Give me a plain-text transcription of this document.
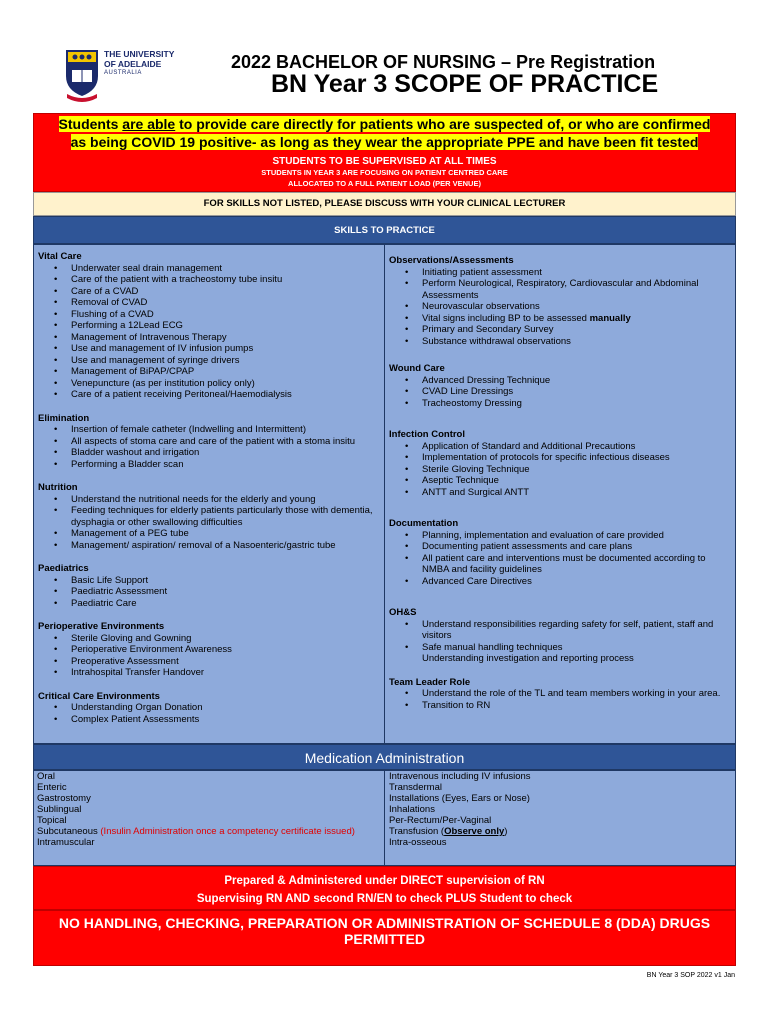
THE UNIVERSITY
OF ADELAIDE
AUSTRALIA
2022 BACHELOR OF NURSING – Pre Registration
BN Year 3 SCOPE OF PRACTICE
Students are able to provide care directly for patients who are suspected of, or who are confirmed
as being COVID 19 positive- as long as they wear the appropriate PPE and have been fit tested
STUDENTS TO BE SUPERVISED AT ALL TIMES
STUDENTS IN YEAR 3 ARE FOCUSING ON PATIENT CENTRED CARE
ALLOCATED TO A FULL PATIENT LOAD (PER VENUE)
FOR SKILLS NOT LISTED, PLEASE DISCUSS WITH YOUR CLINICAL LECTURER
SKILLS TO PRACTICE
Vital Care
• Underwater seal drain management
• Care of the patient with a tracheostomy tube insitu
• Care of a CVAD
• Removal of CVAD
• Flushing of a CVAD
• Performing a 12Lead ECG
• Management of Intravenous Therapy
• Use and management of IV infusion pumps
• Use and management of syringe drivers
• Management of BiPAP/CPAP
• Venepuncture (as per institution policy only)
• Care of a patient receiving Peritoneal/Haemodialysis
Elimination
• Insertion of female catheter (Indwelling and Intermittent)
• All aspects of stoma care and care of the patient with a stoma insitu
• Bladder washout and irrigation
• Performing a Bladder scan
Nutrition
• Understand the nutritional needs for the elderly and young
• Feeding techniques for elderly patients particularly those with dementia, dysphagia or other swallowing difficulties
• Management of a PEG tube
• Management/ aspiration/ removal of a Nasoenteric/gastric tube
Paediatrics
• Basic Life Support
• Paediatric Assessment
• Paediatric Care
Perioperative Environments
• Sterile Gloving and Gowning
• Perioperative Environment Awareness
• Preoperative Assessment
• Intrahospital Transfer Handover
Critical Care Environments
• Understanding Organ Donation
• Complex Patient Assessments
Observations/Assessments
• Initiating patient assessment
• Perform Neurological, Respiratory, Cardiovascular and Abdominal Assessments
• Neurovascular observations
• Vital signs including BP to be assessed manually
• Primary and Secondary Survey
• Substance withdrawal observations
Wound Care
• Advanced Dressing Technique
• CVAD Line Dressings
• Tracheostomy Dressing
Infection Control
• Application of Standard and Additional Precautions
• Implementation of protocols for specific infectious diseases
• Sterile Gloving Technique
• Aseptic Technique
• ANTT and Surgical ANTT
Documentation
• Planning, implementation and evaluation of care provided
• Documenting patient assessments and care plans
• All patient care and interventions must be documented according to NMBA and facility guidelines
• Advanced Care Directives
OH&S
• Understand responsibilities regarding safety for self, patient, staff and visitors
• Safe manual handling techniques
Understanding investigation and reporting process
Team Leader Role
• Understand the role of the TL and team members working in your area.
• Transition to RN
Medication Administration
Oral
Enteric
Gastrostomy
Sublingual
Topical
Subcutaneous (Insulin Administration once a competency certificate issued)
Intramuscular
Intravenous including IV infusions
Transdermal
Installations (Eyes, Ears or Nose)
Inhalations
Per-Rectum/Per-Vaginal
Transfusion (Observe only)
Intra-osseous
Prepared & Administered under DIRECT supervision of RN
Supervising RN AND second RN/EN to check PLUS Student to check
NO HANDLING, CHECKING, PREPARATION OR ADMINISTRATION OF SCHEDULE 8 (DDA) DRUGS
PERMITTED
BN Year 3 SOP 2022 v1 Jan
